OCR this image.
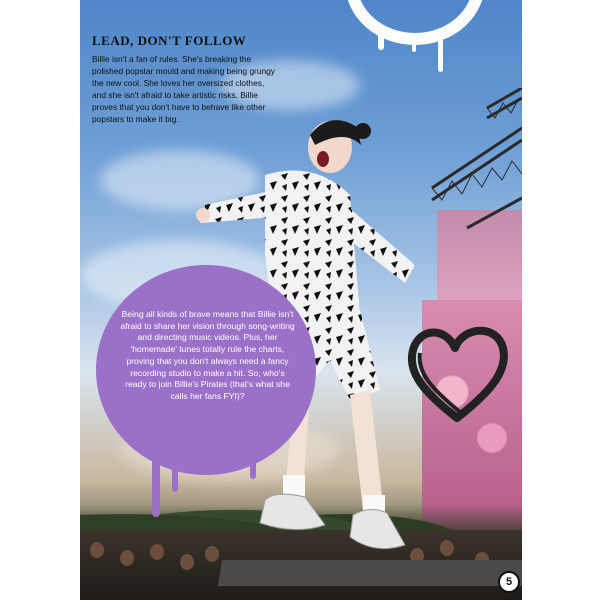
LEAD, DON'T FOLLOW

Billie isn't a fan of rules. She's breaking the polished popstar mould and making being grungy the new cool. She loves her oversized clothes, and she isn't afraid to take artistic risks. Billie proves that you don't have to behave like other popstars to make it big.

Being all kinds of brave means that Billie isn't afraid to share her vision through song-writing and directing music videos. Plus, her 'homemade' tunes totally rule the charts, proving that you don't always need a fancy recording studio to make a hit. So, who's ready to join Billie's Pirates (that's what she calls her fans FYI)?
5
